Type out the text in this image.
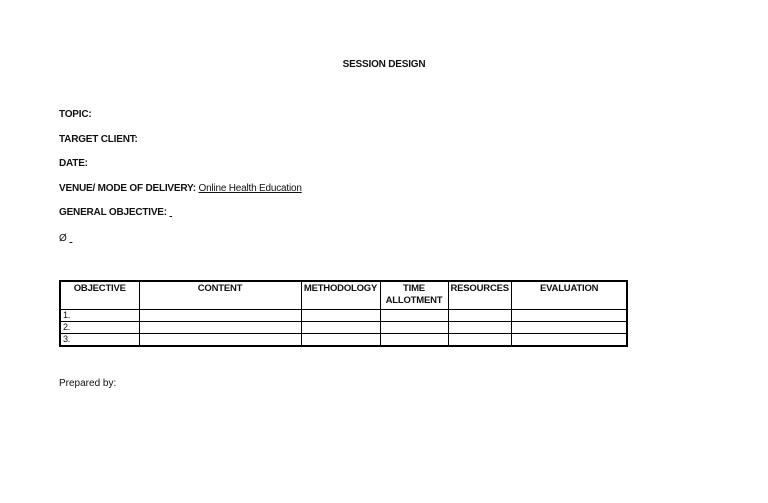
SESSION DESIGN
TOPIC:
TARGET CLIENT:
DATE:
VENUE/ MODE OF DELIVERY: Online Health Education
GENERAL OBJECTIVE:
Ø
OBJECTIVE	CONTENT	METHODOLOGY	TIME ALLOTMENT	RESOURCES	EVALUATION
1.					
2.					
3.					
Prepared by:
